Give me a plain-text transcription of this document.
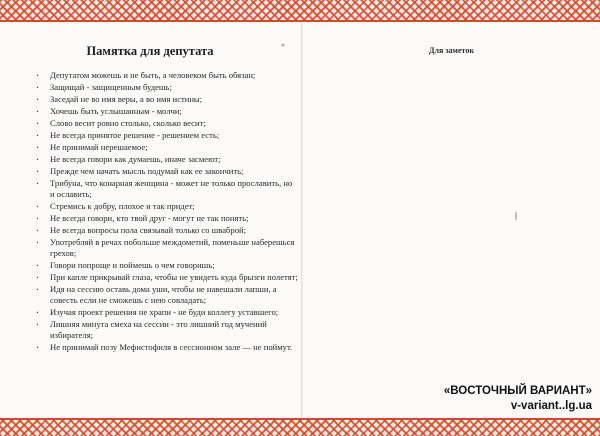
Памятка для депутата	*
· Депутатом можешь и не быть, а человеком быть обязан;
· Защищай - защищенным будешь;
· Заседай не во имя веры, а во имя истины;
· Хочешь быть услышанным - молчи;
· Слово весит ровно столько, сколько весит;
· Не всегда принятое решение - решением есть;
· Не принимай нерешаемое;
· Не всегда говори как думаешь, иначе засмеют;
· Прежде чем начать мысль подумай как ее закончить;
· Трибуна, что конарная женщина - может не только прославить, но и ославить;
· Стремись к добру, плохое и так придет;
· Не всегда говори, кто твой друг - могут не так понять;
· Не всегда вопросы пола связывай только со шваброй;
· Употребляй в речах побольше междометий, поменьше наберешься грехов;
· Говори попроще и поймешь о чем говоришь;
· При капле прикрывай глаза, чтобы не увидеть куда брызги полетят;
· Идя на сессию оставь дома уши, чтобы не навешали лапши, а совесть если не сможешь с нею совладать;
· Изучая проект решения не храпи - не буди коллегу уставшего;
· Лишняя минута смеха на сессии - это лишний год мучений избирателя;
· Не принимай позу Мефистофиля в сессионном зале — не поймут.
Для заметок
«ВОСТОЧНЫЙ ВАРИАНТ»
v-variant..lg.ua
